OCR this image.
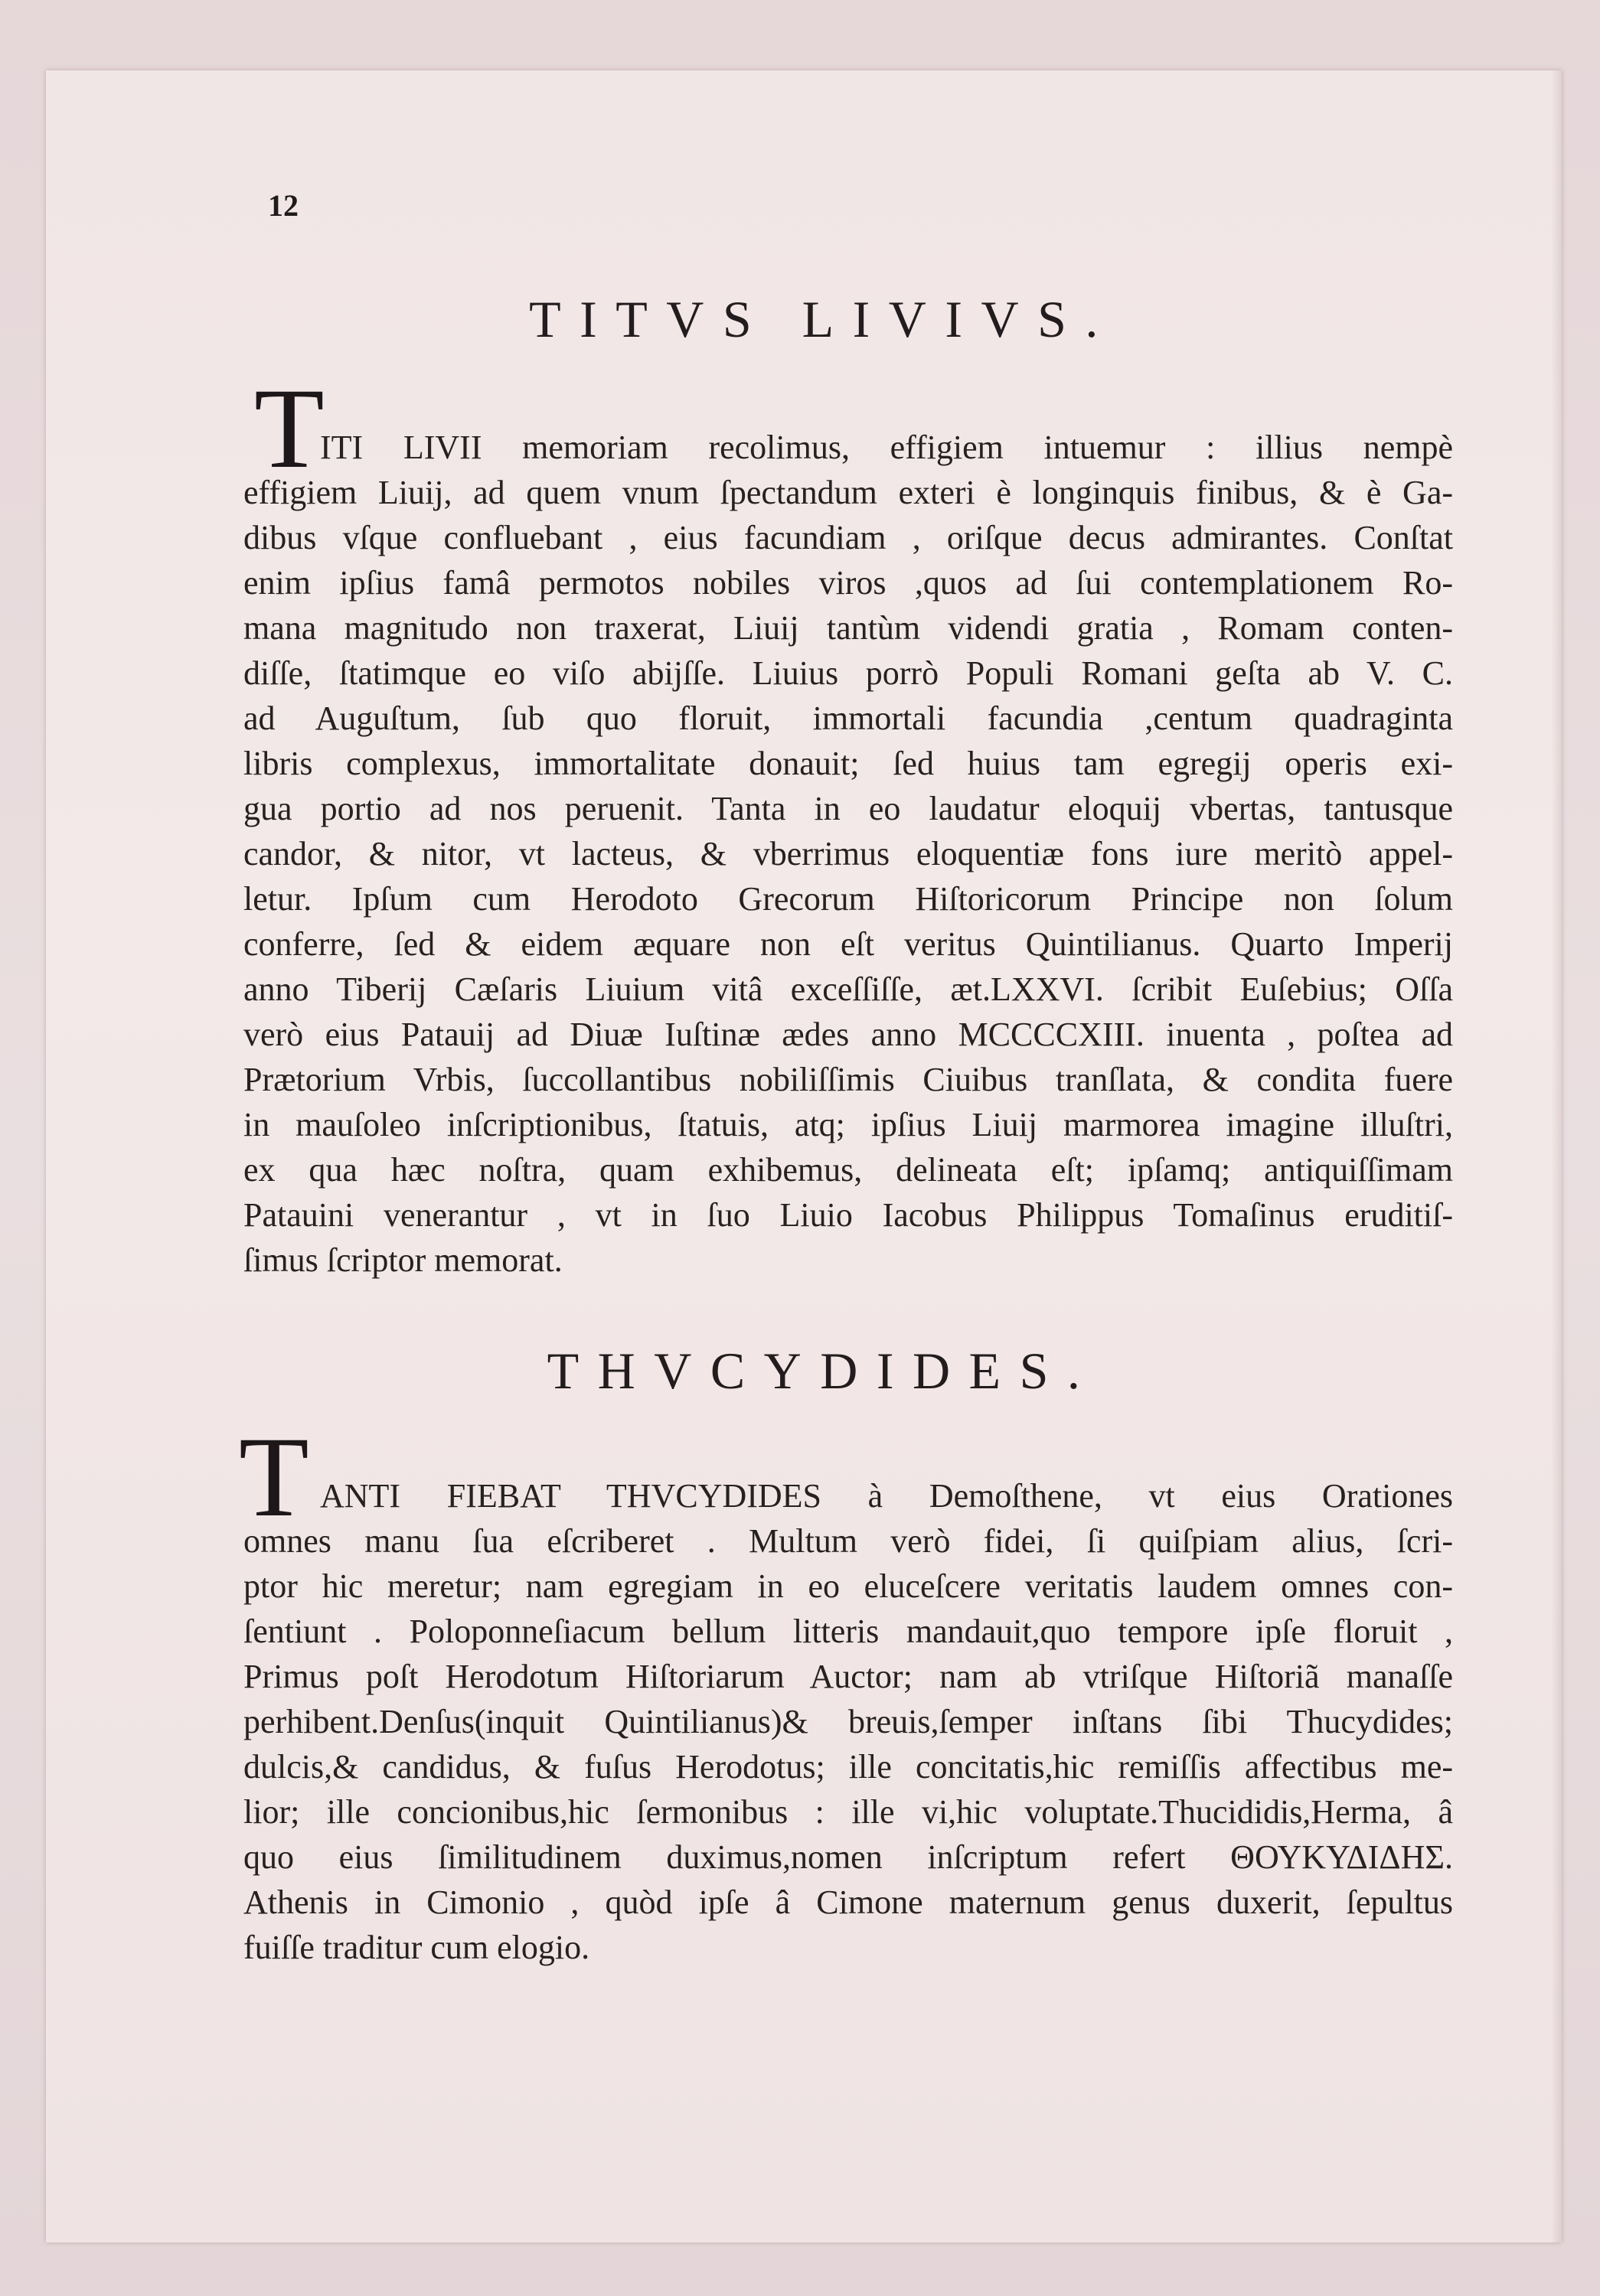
12
TITVS LIVIVS.
T
ITI LIVII memoriam recolimus, effigiem intuemur : illius nempè
effigiem Liuij, ad quem vnum ſpectandum exteri è longinquis finibus, & è Ga-
dibus vſque confluebant , eius facundiam , oriſque decus admirantes. Conſtat
enim ipſius famâ permotos nobiles viros ,quos ad ſui contemplationem Ro-
mana magnitudo non traxerat, Liuij tantùm videndi gratia , Romam conten-
diſſe, ſtatimque eo viſo abijſſe. Liuius porrò Populi Romani geſta ab V. C.
ad Auguſtum, ſub quo floruit, immortali facundia ,centum quadraginta
libris complexus, immortalitate donauit; ſed huius tam egregij operis exi-
gua portio ad nos peruenit. Tanta in eo laudatur eloquij vbertas, tantusque
candor, & nitor, vt lacteus, & vberrimus eloquentiæ fons iure meritò appel-
letur. Ipſum cum Herodoto Grecorum Hiſtoricorum Principe non ſolum
conferre, ſed & eidem æquare non eſt veritus Quintilianus. Quarto Imperij
anno Tiberij Cæſaris Liuium vitâ exceſſiſſe, æt.LXXVI. ſcribit Euſebius; Oſſa
verò eius Patauij ad Diuæ Iuſtinæ ædes anno MCCCCXIII. inuenta , poſtea ad
Prætorium Vrbis, ſuccollantibus nobiliſſimis Ciuibus tranſlata, & condita fuere
in mauſoleo inſcriptionibus, ſtatuis, atq; ipſius Liuij marmorea imagine illuſtri,
ex qua hæc noſtra, quam exhibemus, delineata eſt; ipſamq; antiquiſſimam
Patauini venerantur , vt in ſuo Liuio Iacobus Philippus Tomaſinus eruditiſ-
ſimus ſcriptor memorat.
THVCYDIDES.
T ANTI FIEBAT THVCYDIDES à Demoſthene, vt eius Orationes
omnes manu ſua eſcriberet . Multum verò fidei, ſi quiſpiam alius, ſcri-
ptor hic meretur; nam egregiam in eo eluceſcere veritatis laudem omnes con-
ſentiunt . Poloponneſiacum bellum litteris mandauit,quo tempore ipſe floruit ,
Primus poſt Herodotum Hiſtoriarum Auctor; nam ab vtriſque Hiſtoriã manaſſe
perhibent.Denſus(inquit Quintilianus)& breuis,ſemper inſtans ſibi Thucydides;
dulcis,& candidus, & fuſus Herodotus; ille concitatis,hic remiſſis affectibus me-
lior; ille concionibus,hic ſermonibus : ille vi,hic voluptate.Thucididis,Herma, â
quo eius ſimilitudinem duximus,nomen inſcriptum refert ΘΟΥΚΥΔΙΔΗΣ.
Athenis in Cimonio , quòd ipſe â Cimone maternum genus duxerit, ſepultus
fuiſſe traditur cum elogio.
